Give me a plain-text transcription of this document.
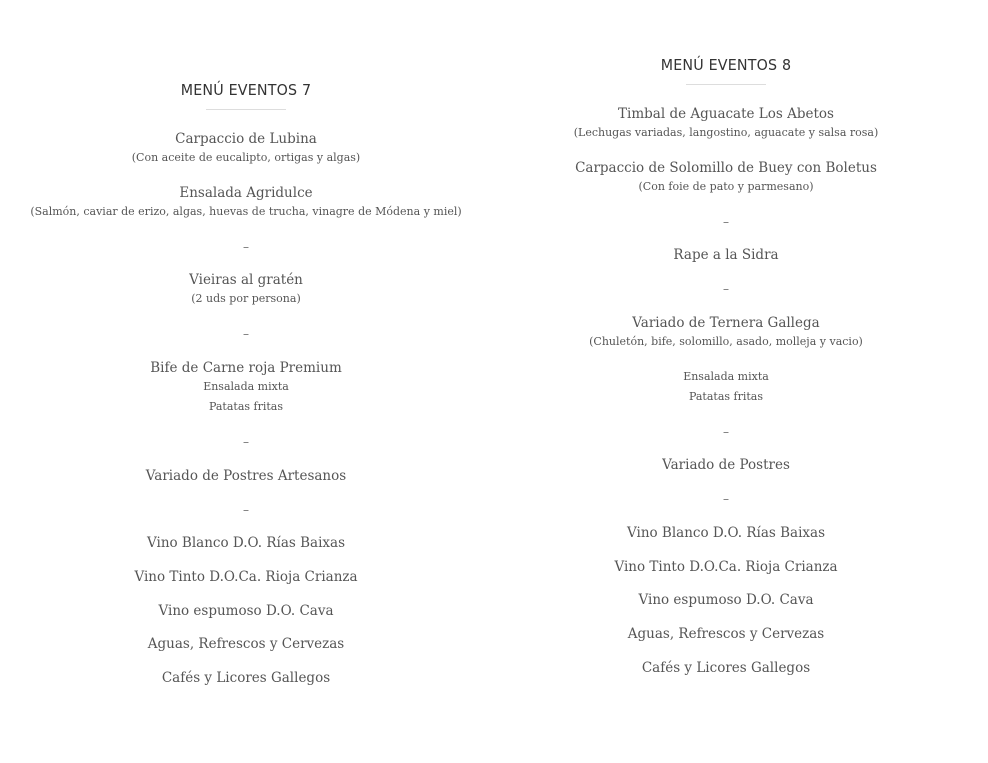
MENÚ EVENTOS 7
Carpaccio de Lubina
(Con aceite de eucalipto, ortigas y algas)
Ensalada Agridulce
(Salmón, caviar de erizo, algas, huevas de trucha, vinagre de Módena y miel)
–
Vieiras al gratén
(2 uds por persona)
–
Bife de Carne roja Premium
Ensalada mixta
Patatas fritas
–
Variado de Postres Artesanos
–
Vino Blanco D.O. Rías Baixas
Vino Tinto D.O.Ca. Rioja Crianza
Vino espumoso D.O. Cava
Aguas, Refrescos y Cervezas
Cafés y Licores Gallegos
MENÚ EVENTOS 8
Timbal de Aguacate Los Abetos
(Lechugas variadas, langostino, aguacate y salsa rosa)
Carpaccio de Solomillo de Buey con Boletus
(Con foie de pato y parmesano)
–
Rape a la Sidra
–
Variado de Ternera Gallega
(Chuletón, bife, solomillo, asado, molleja y vacio)
Ensalada mixta
Patatas fritas
–
Variado de Postres
–
Vino Blanco D.O. Rías Baixas
Vino Tinto D.O.Ca. Rioja Crianza
Vino espumoso D.O. Cava
Aguas, Refrescos y Cervezas
Cafés y Licores Gallegos
